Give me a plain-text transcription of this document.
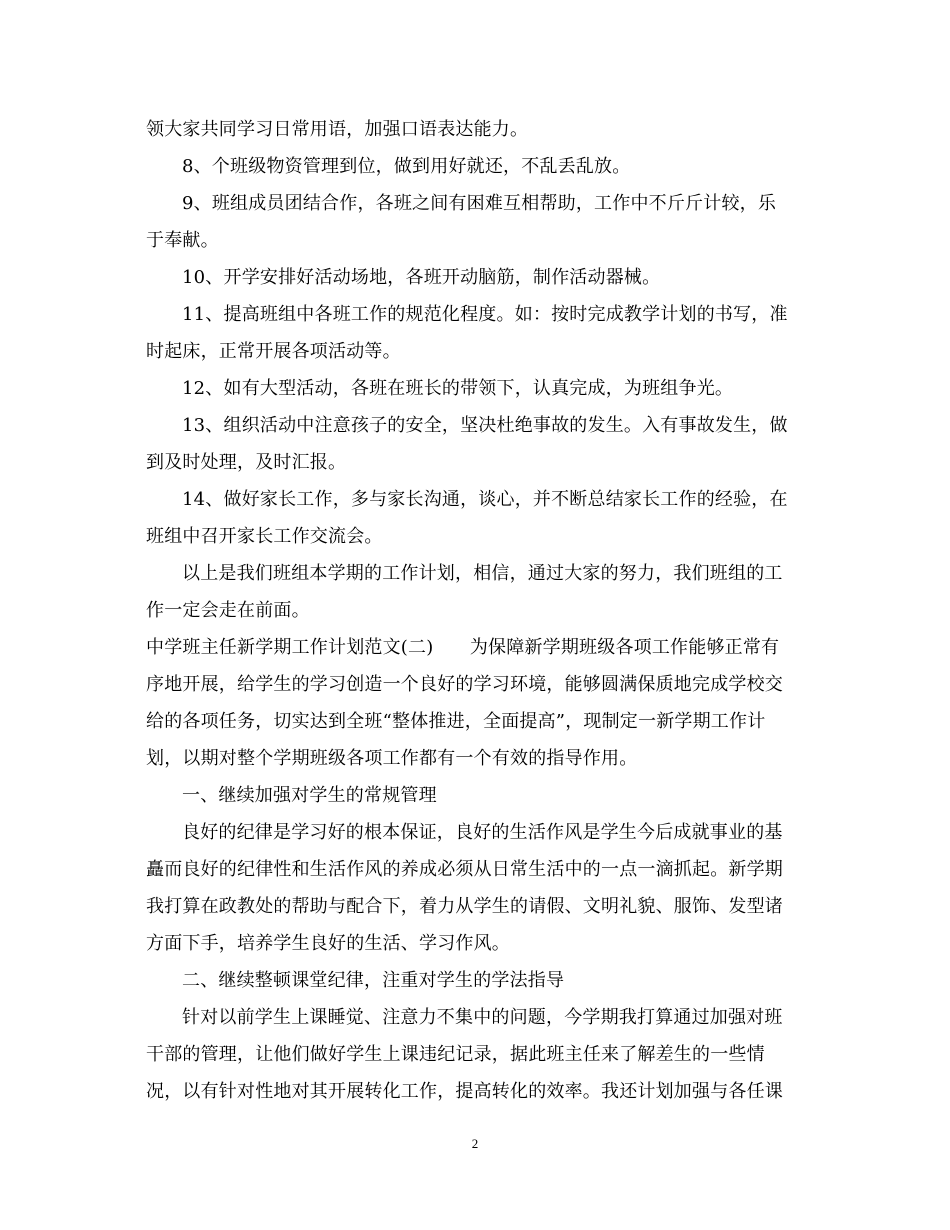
领大家共同学习日常用语，加强口语表达能力。
8、个班级物资管理到位，做到用好就还，不乱丢乱放。
9、班组成员团结合作，各班之间有困难互相帮助，工作中不斤斤计较，乐
于奉献。
10、开学安排好活动场地，各班开动脑筋，制作活动器械。
11、提高班组中各班工作的规范化程度。如：按时完成教学计划的书写，准
时起床，正常开展各项活动等。
12、如有大型活动，各班在班长的带领下，认真完成，为班组争光。
13、组织活动中注意孩子的安全，坚决杜绝事故的发生。入有事故发生，做
到及时处理，及时汇报。
14、做好家长工作，多与家长沟通，谈心，并不断总结家长工作的经验，在
班组中召开家长工作交流会。
以上是我们班组本学期的工作计划，相信，通过大家的努力，我们班组的工
作一定会走在前面。
中学班主任新学期工作计划范文(二)　　为保障新学期班级各项工作能够正常有
序地开展，给学生的学习创造一个良好的学习环境，能够圆满保质地完成学校交
给的各项任务，切实达到全班“整体推进，全面提高”，现制定一新学期工作计
划，以期对整个学期班级各项工作都有一个有效的指导作用。
一、继续加强对学生的常规管理
良好的纪律是学习好的根本保证，良好的生活作风是学生今后成就事业的基
矗而良好的纪律性和生活作风的养成必须从日常生活中的一点一滴抓起。新学期
我打算在政教处的帮助与配合下，着力从学生的请假、文明礼貌、服饰、发型诸
方面下手，培养学生良好的生活、学习作风。
二、继续整顿课堂纪律，注重对学生的学法指导
针对以前学生上课睡觉、注意力不集中的问题，今学期我打算通过加强对班
干部的管理，让他们做好学生上课违纪记录，据此班主任来了解差生的一些情
况，以有针对性地对其开展转化工作，提高转化的效率。我还计划加强与各任课
2
